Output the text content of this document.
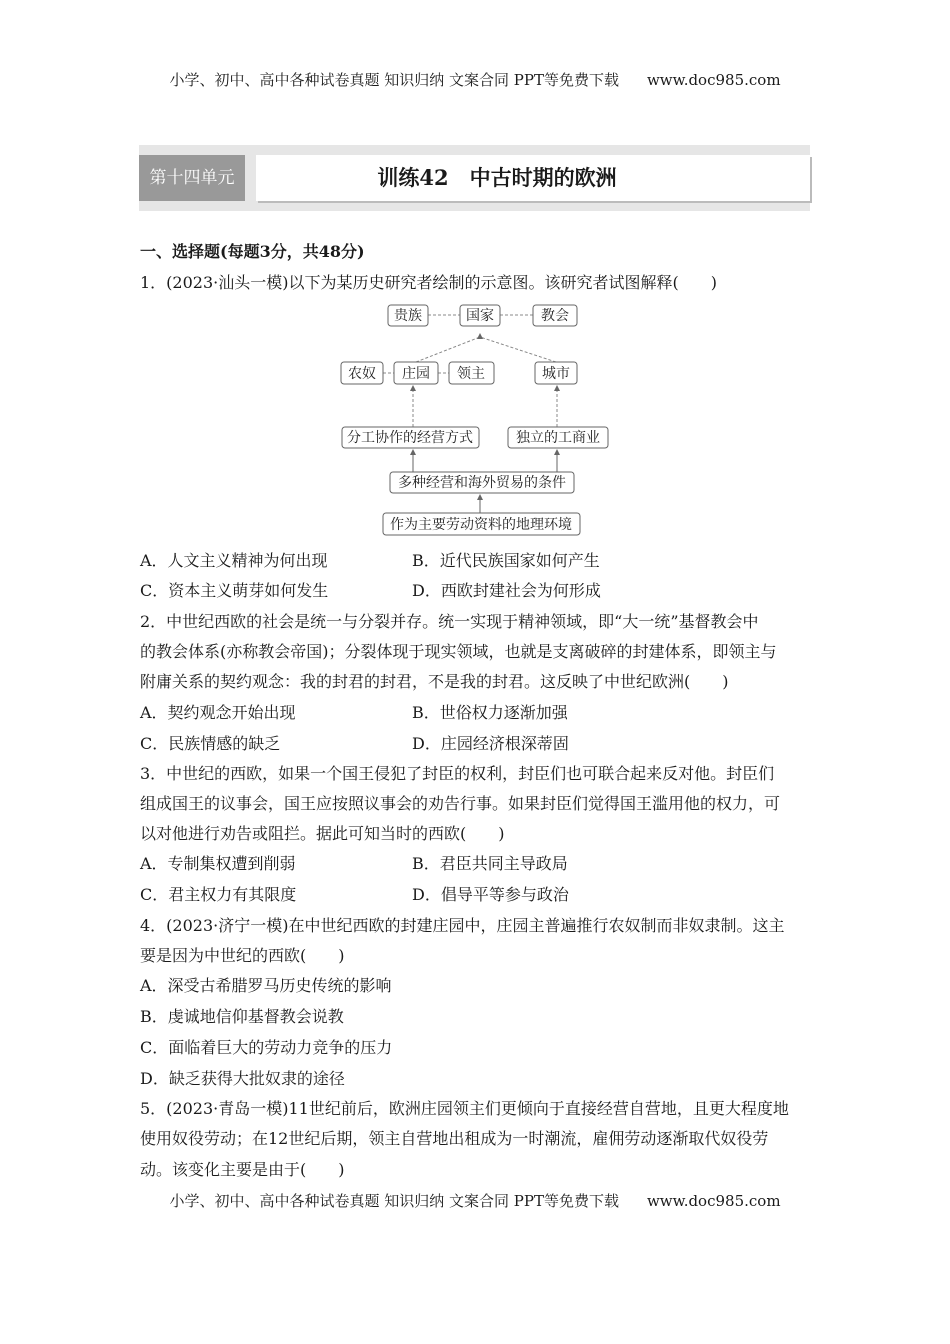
小学、初中、高中各种试卷真题 知识归纳 文案合同 PPT等免费下载 www.doc985.com
第十四单元	训练42　中古时期的欧洲
一、选择题(每题3分，共48分)
1．(2023·汕头一模)以下为某历史研究者绘制的示意图。该研究者试图解释(　　)
贵族	国家	教会
农奴 庄园 领主	城市
分工协作的经营方式	独立的工商业
多种经营和海外贸易的条件
作为主要劳动资料的地理环境
A．人文主义精神为何出现	B．近代民族国家如何产生
C．资本主义萌芽如何发生	D．西欧封建社会为何形成
2．中世纪西欧的社会是统一与分裂并存。统一实现于精神领域，即“大一统”基督教会中
的教会体系(亦称教会帝国)；分裂体现于现实领域，也就是支离破碎的封建体系，即领主与
附庸关系的契约观念：我的封君的封君，不是我的封君。这反映了中世纪欧洲(　　)
A．契约观念开始出现	B．世俗权力逐渐加强
C．民族情感的缺乏	D．庄园经济根深蒂固
3．中世纪的西欧，如果一个国王侵犯了封臣的权利，封臣们也可联合起来反对他。封臣们
组成国王的议事会，国王应按照议事会的劝告行事。如果封臣们觉得国王滥用他的权力，可
以对他进行劝告或阻拦。据此可知当时的西欧(　　)
A．专制集权遭到削弱	B．君臣共同主导政局
C．君主权力有其限度	D．倡导平等参与政治
4．(2023·济宁一模)在中世纪西欧的封建庄园中，庄园主普遍推行农奴制而非奴隶制。这主
要是因为中世纪的西欧(　　)
A．深受古希腊罗马历史传统的影响
B．虔诚地信仰基督教会说教
C．面临着巨大的劳动力竞争的压力
D．缺乏获得大批奴隶的途径
5．(2023·青岛一模)11世纪前后，欧洲庄园领主们更倾向于直接经营自营地，且更大程度地
使用奴役劳动；在12世纪后期，领主自营地出租成为一时潮流，雇佣劳动逐渐取代奴役劳
动。该变化主要是由于(　　)
小学、初中、高中各种试卷真题 知识归纳 文案合同 PPT等免费下载 www.doc985.com
